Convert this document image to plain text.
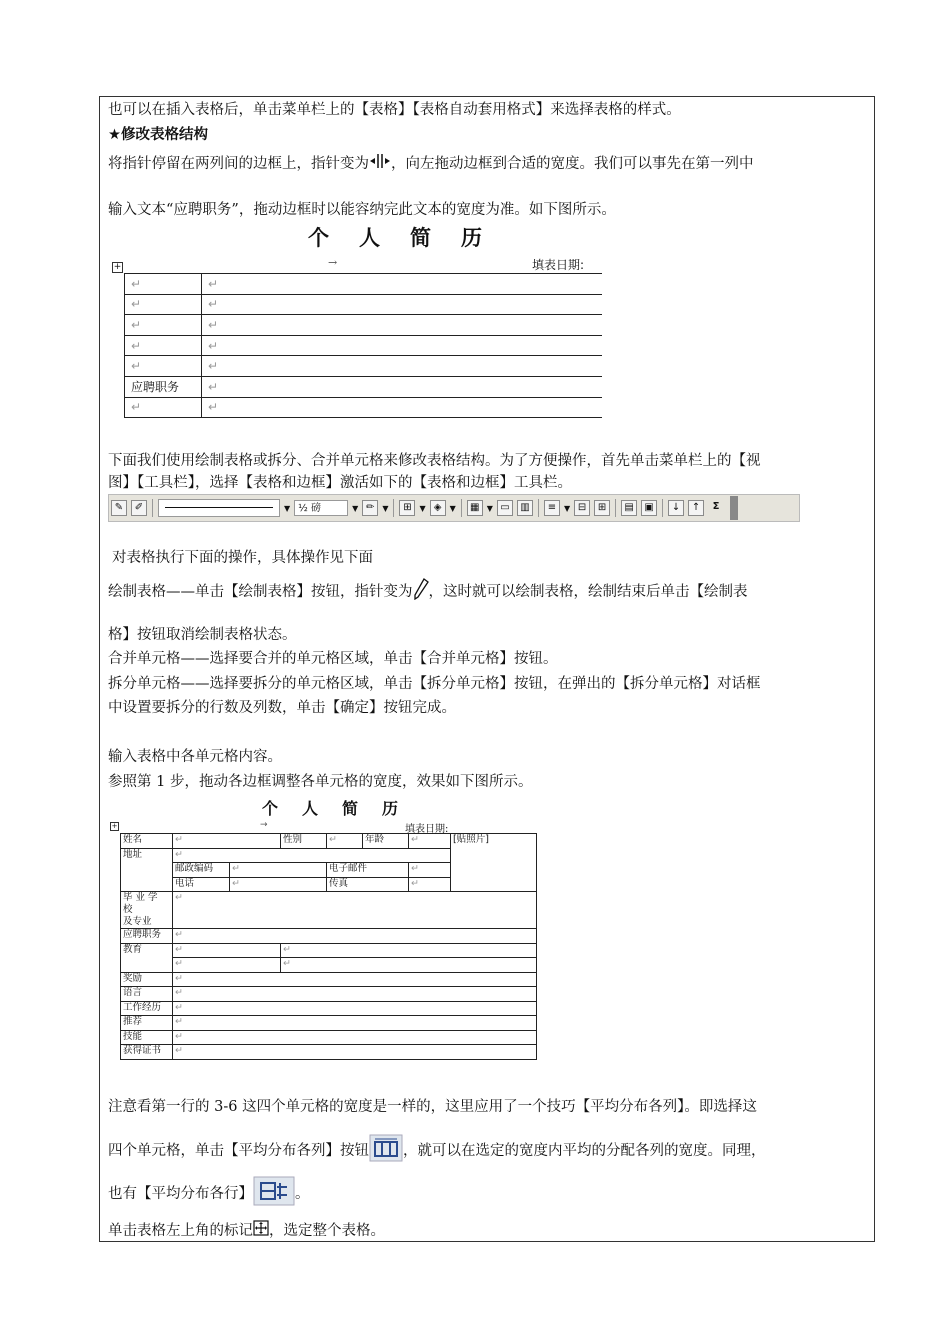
也可以在插入表格后，单击菜单栏上的【表格】【表格自动套用格式】来选择表格的样式。
★修改表格结构
将指针停留在两列间的边框上，指针变为 ，向左拖动边框到合适的宽度。我们可以事先在第一列中
输入文本“应聘职务”，拖动边框时以能容纳完此文本的宽度为准。如下图所示。
个人简历
+	→	填表日期:
↵	↵
↵	↵
↵	↵
↵	↵
↵	↵
应聘职务	↵
↵	↵
下面我们使用绘制表格或拆分、合并单元格来修改表格结构。为了方便操作，首先单击菜单栏上的【视
图】【工具栏】，选择【表格和边框】激活如下的【表格和边框】工具栏。
✎	✐	▼ ½ 磅	▼ ✏ ▼	⊞ ▼ ◈	▼	▦ ▼ ▭	▥	≡ ▼ ⊟	⊞	▤	▣	↓	↑	Σ
对表格执行下面的操作，具体操作见下面
绘制表格——单击【绘制表格】按钮，指针变为 ，这时就可以绘制表格，绘制结束后单击【绘制表
格】按钮取消绘制表格状态。
合并单元格——选择要合并的单元格区域，单击【合并单元格】按钮。
拆分单元格——选择要拆分的单元格区域，单击【拆分单元格】按钮，在弹出的【拆分单元格】对话框
中设置要拆分的行数及列数，单击【确定】按钮完成。
输入表格中各单元格内容。
参照第 1 步，拖动各边框调整各单元格的宽度，效果如下图所示。
个人简历
+	→	填表日期:
姓名	↵		性别	↵	年龄	↵	[贴照片]
地址	↵						
	邮政编码	↵		电子邮件		↵	
	电话	↵		传真		↵	
毕 业 学 校
及专业	↵						
应聘职务	↵						
教育	↵		↵				
	↵		↵				
奖励	↵						
语言	↵						
工作经历	↵						
推荐	↵						
技能	↵						
获得证书	↵						
注意看第一行的 3-6 这四个单元格的宽度是一样的，这里应用了一个技巧【平均分布各列】。即选择这
四个单元格，单击【平均分布各列】按钮 ，就可以在选定的宽度内平均的分配各列的宽度。同理，
也有【平均分布各行】	。
单击表格左上角的标记 ，选定整个表格。
